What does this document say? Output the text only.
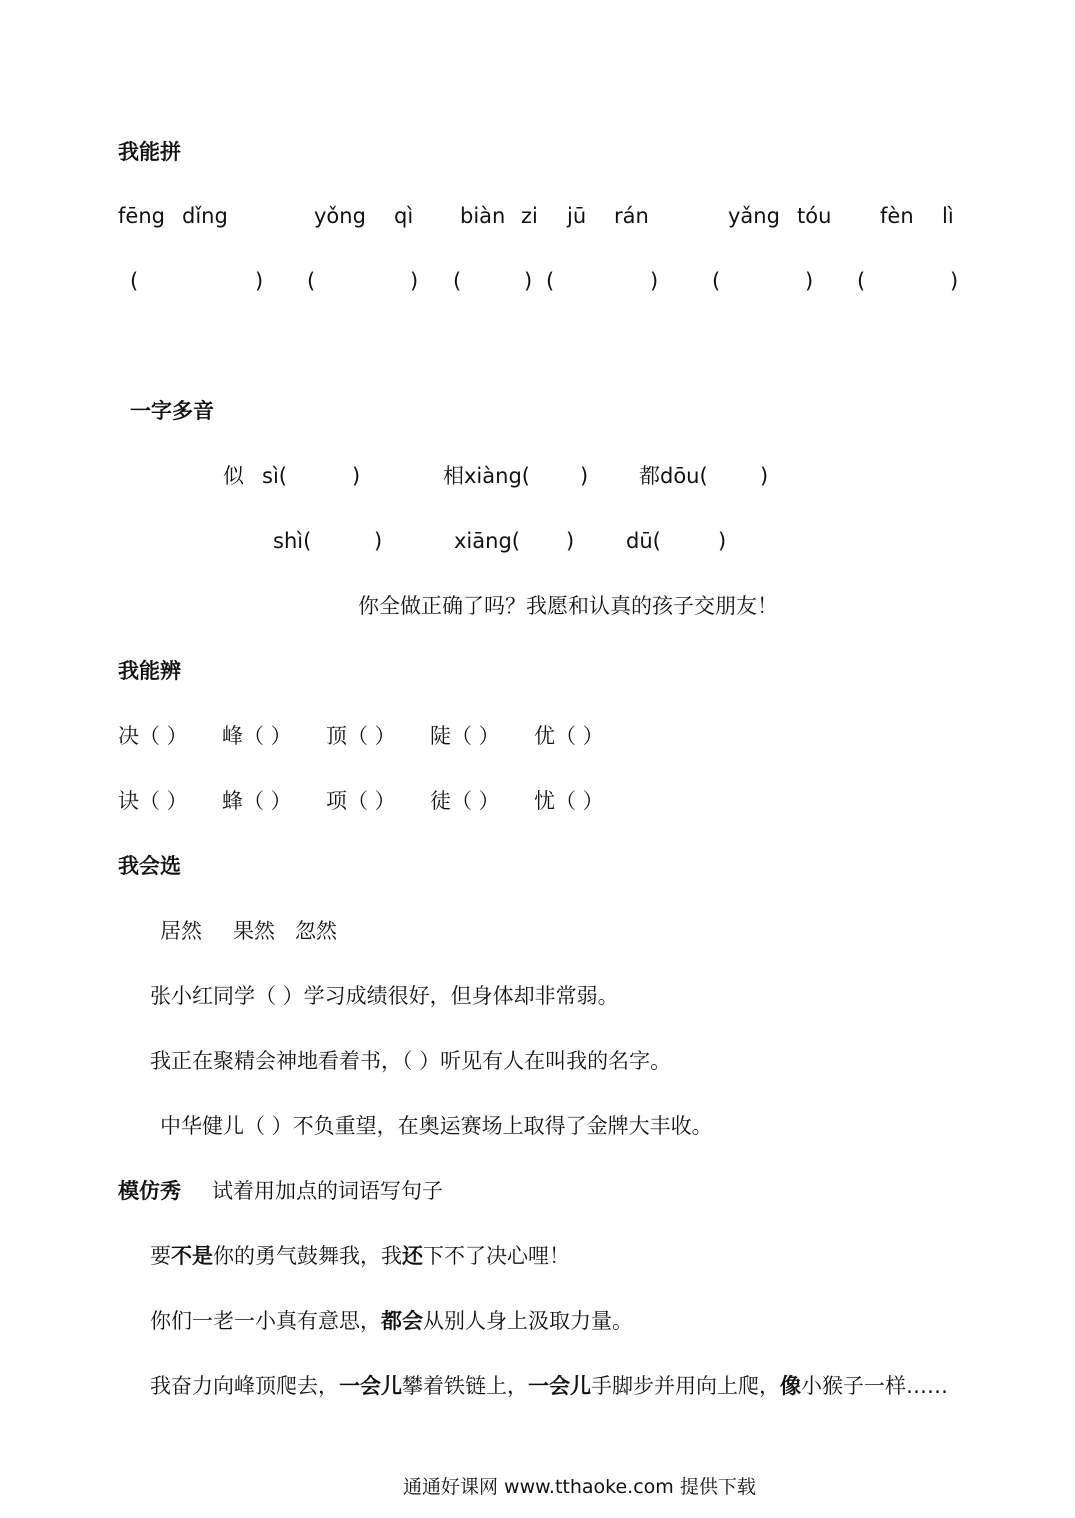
我能拼
fēng dǐng	yǒng qì biàn zi jū rán	yǎng tóu fèn lì
(	) (	) (	) (	)	(	) (	)
一字多音
似 sì(	)	相xiàng( ) 都dōu( )
shì(	)	xiāng( ) dū(	)
你全做正确了吗？我愿和认真的孩子交朋友！
我能辨
决（ ） 峰（ ） 顶（ ） 陡（ ） 优（ ）
诀（ ） 蜂（ ） 项（ ） 徒（ ） 忧（ ）
我会选
居然 果然 忽然
张小红同学（ ）学习成绩很好，但身体却非常弱。
我正在聚精会神地看着书，（ ）听见有人在叫我的名字。
中华健儿（ ）不负重望，在奥运赛场上取得了金牌大丰收。
模仿秀 试着用加点的词语写句子
要不是你的勇气鼓舞我，我还下不了决心哩！
你们一老一小真有意思，都会从别人身上汲取力量。
我奋力向峰顶爬去，一会儿攀着铁链上，一会儿手脚步并用向上爬，像小猴子一样……
通通好课网 www.tthaoke.com 提供下载
